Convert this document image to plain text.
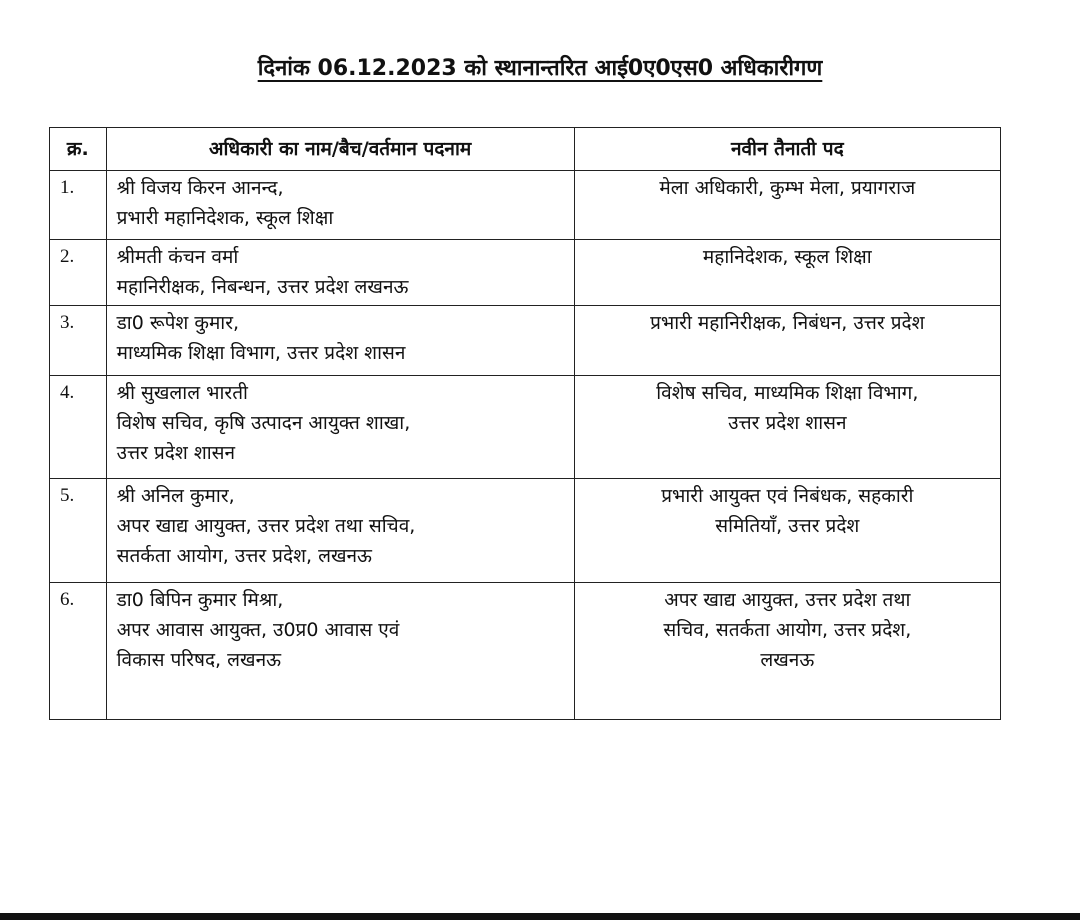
दिनांक 06.12.2023 को स्थानान्तरित आई0ए0एस0 अधिकारीगण
क्र.	अधिकारी का नाम/बैच/वर्तमान पदनाम	नवीन तैनाती पद
1.	श्री विजय किरन आनन्द,
प्रभारी महानिदेशक, स्कूल शिक्षा	मेला अधिकारी, कुम्भ मेला, प्रयागराज

2.	श्रीमती कंचन वर्मा
महानिरीक्षक, निबन्धन, उत्तर प्रदेश लखनऊ	महानिदेशक, स्कूल शिक्षा

3.	डा0 रूपेश कुमार,
माध्यमिक शिक्षा विभाग, उत्तर प्रदेश शासन	प्रभारी महानिरीक्षक, निबंधन, उत्तर प्रदेश

4.	श्री सुखलाल भारती
विशेष सचिव, कृषि उत्पादन आयुक्त शाखा,
उत्तर प्रदेश शासन	विशेष सचिव, माध्यमिक शिक्षा विभाग,
उत्तर प्रदेश शासन

5.	श्री अनिल कुमार,
अपर खाद्य आयुक्त, उत्तर प्रदेश तथा सचिव,
सतर्कता आयोग, उत्तर प्रदेश, लखनऊ	प्रभारी आयुक्त एवं निबंधक, सहकारी
समितियाँ, उत्तर प्रदेश

6.	डा0 बिपिन कुमार मिश्रा,
अपर आवास आयुक्त, उ0प्र0 आवास एवं
विकास परिषद, लखनऊ	अपर खाद्य आयुक्त, उत्तर प्रदेश तथा
सचिव, सतर्कता आयोग, उत्तर प्रदेश,
लखनऊ
